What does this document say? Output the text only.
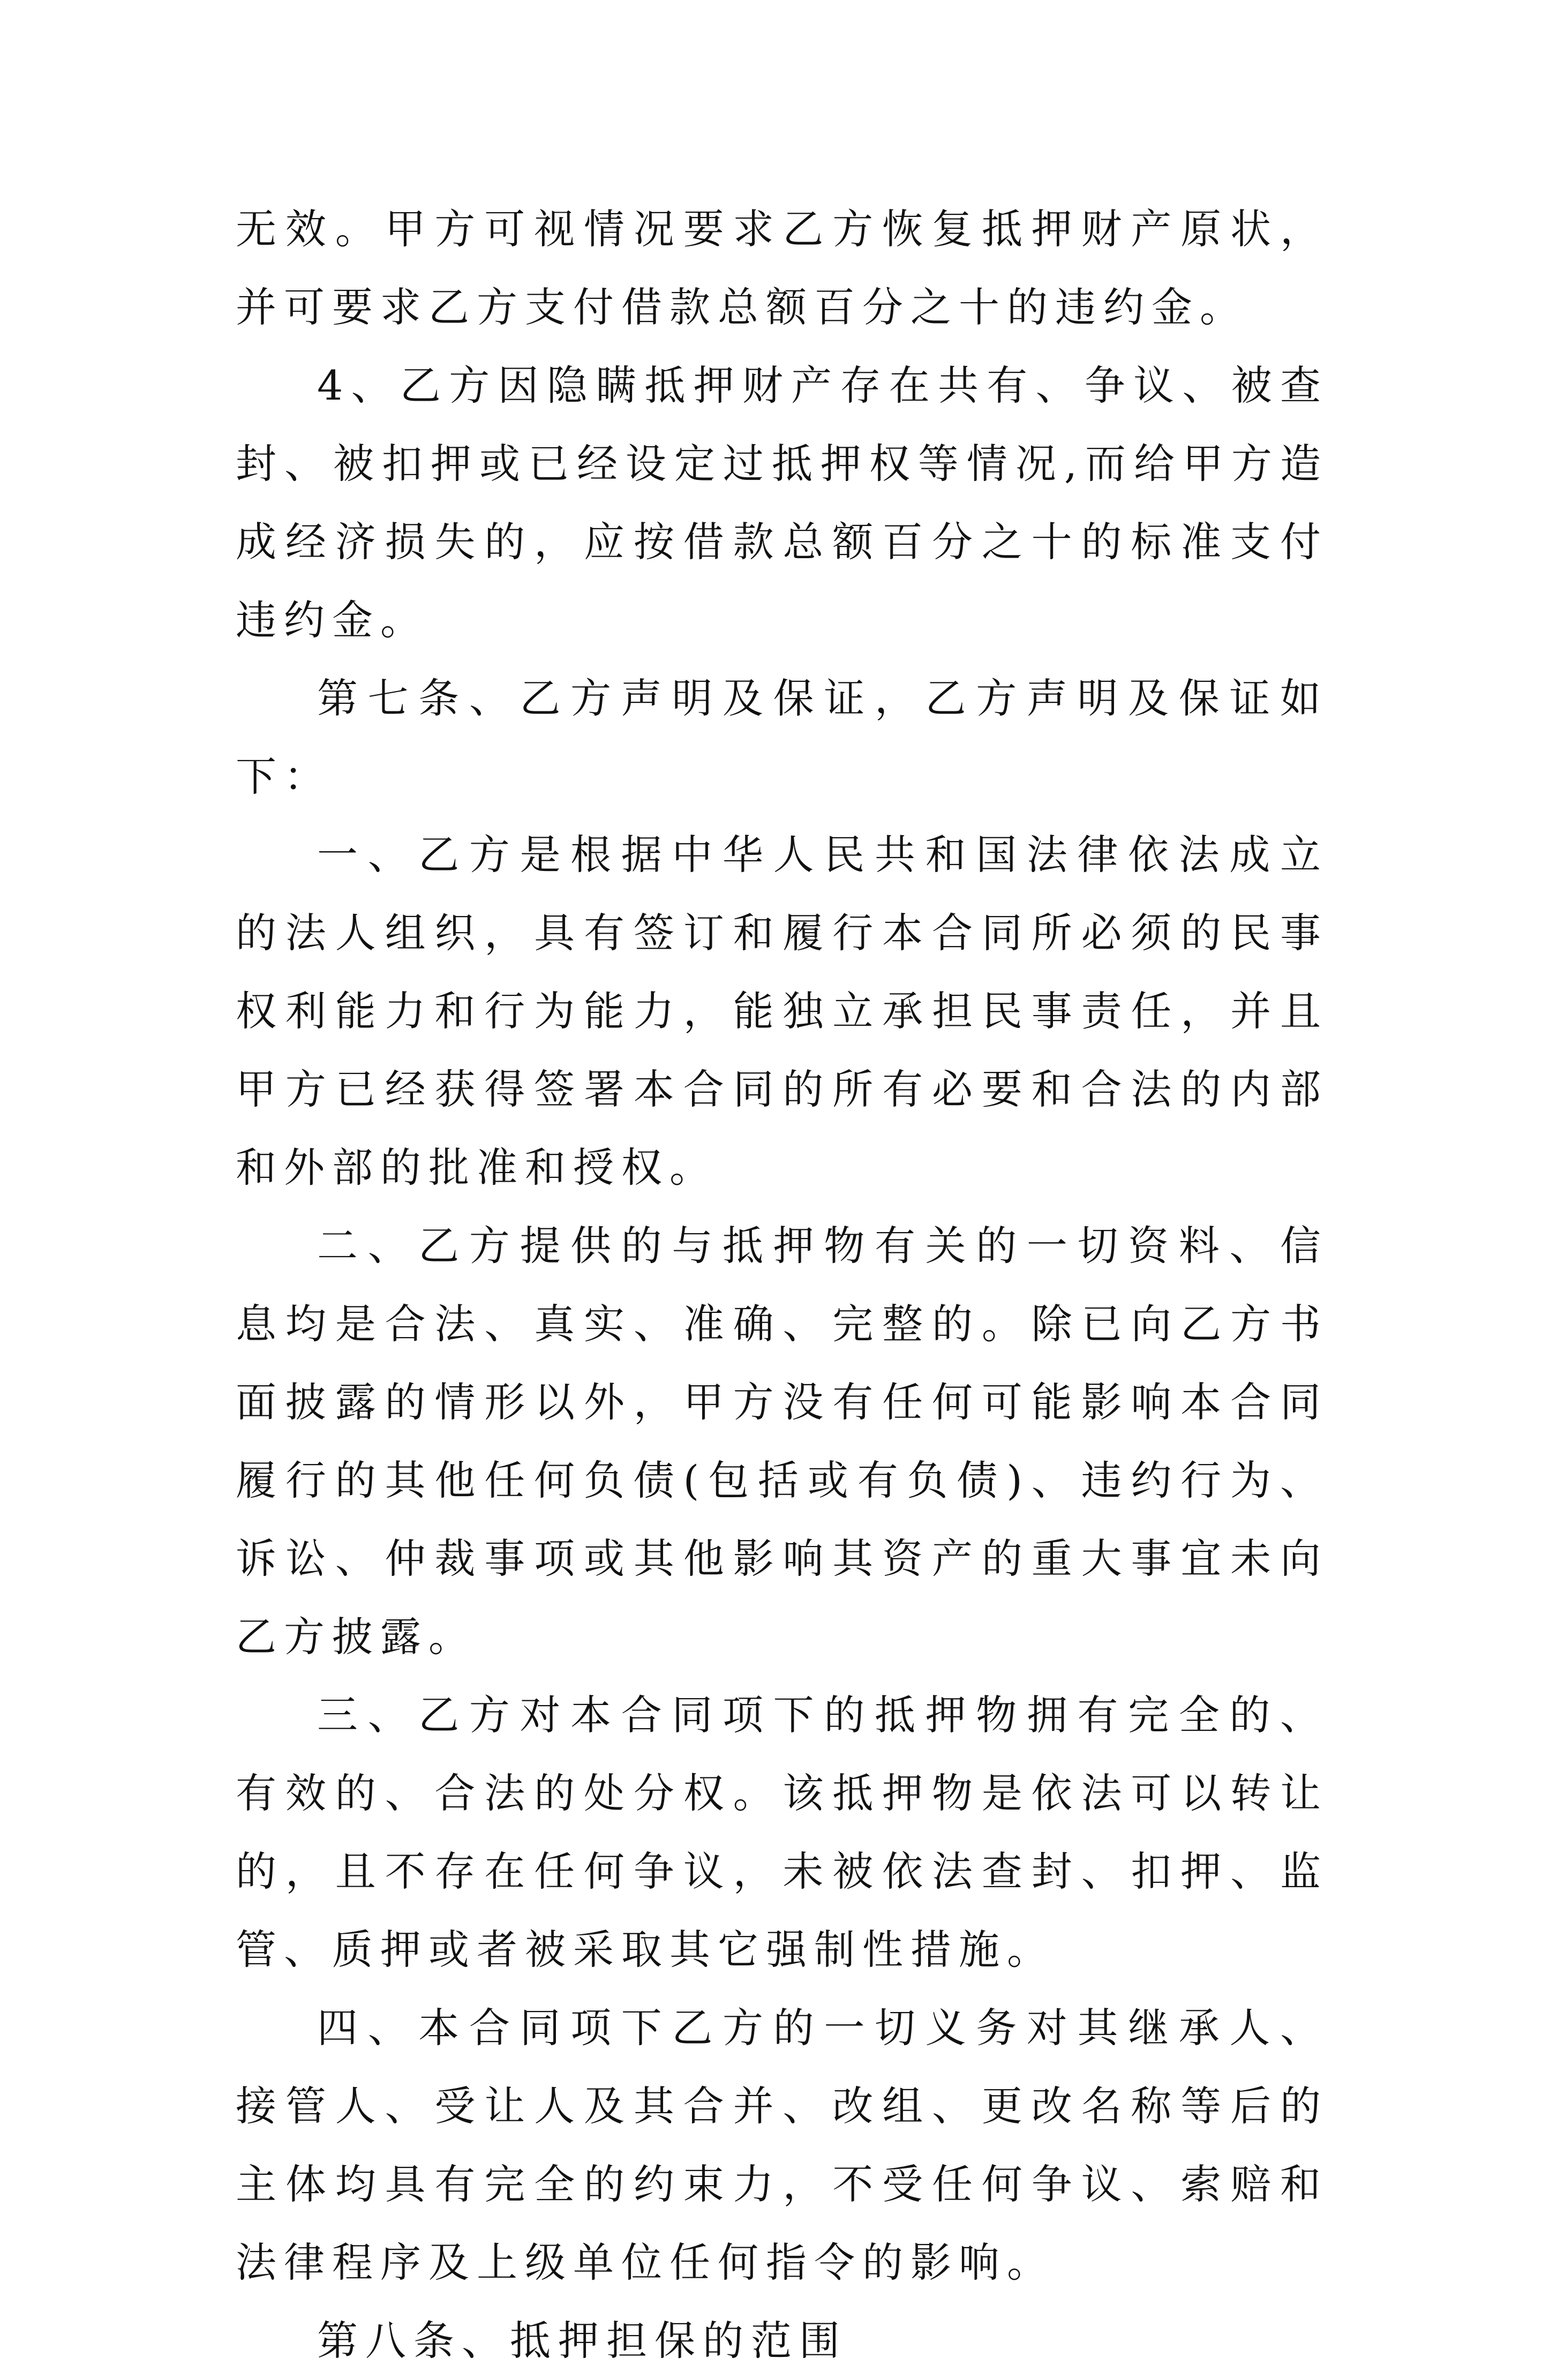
无效。甲方可视情况要求乙方恢复抵押财产原状，并可要求乙方支付借款总额百分之十的违约金。

4、乙方因隐瞒抵押财产存在共有、争议、被查封、被扣押或已经设定过抵押权等情况,而给甲方造成经济损失的，应按借款总额百分之十的标准支付违约金。

第七条、乙方声明及保证，乙方声明及保证如下：

一、乙方是根据中华人民共和国法律依法成立的法人组织，具有签订和履行本合同所必须的民事权利能力和行为能力，能独立承担民事责任，并且甲方已经获得签署本合同的所有必要和合法的内部和外部的批准和授权。

二、乙方提供的与抵押物有关的一切资料、信息均是合法、真实、准确、完整的。除已向乙方书面披露的情形以外，甲方没有任何可能影响本合同履行的其他任何负债(包括或有负债)、违约行为、诉讼、仲裁事项或其他影响其资产的重大事宜未向乙方披露。

三、乙方对本合同项下的抵押物拥有完全的、有效的、合法的处分权。该抵押物是依法可以转让的，且不存在任何争议，未被依法查封、扣押、监管、质押或者被采取其它强制性措施。

四、本合同项下乙方的一切义务对其继承人、接管人、受让人及其合并、改组、更改名称等后的主体均具有完全的约束力，不受任何争议、索赔和法律程序及上级单位任何指令的影响。

第八条、抵押担保的范围
